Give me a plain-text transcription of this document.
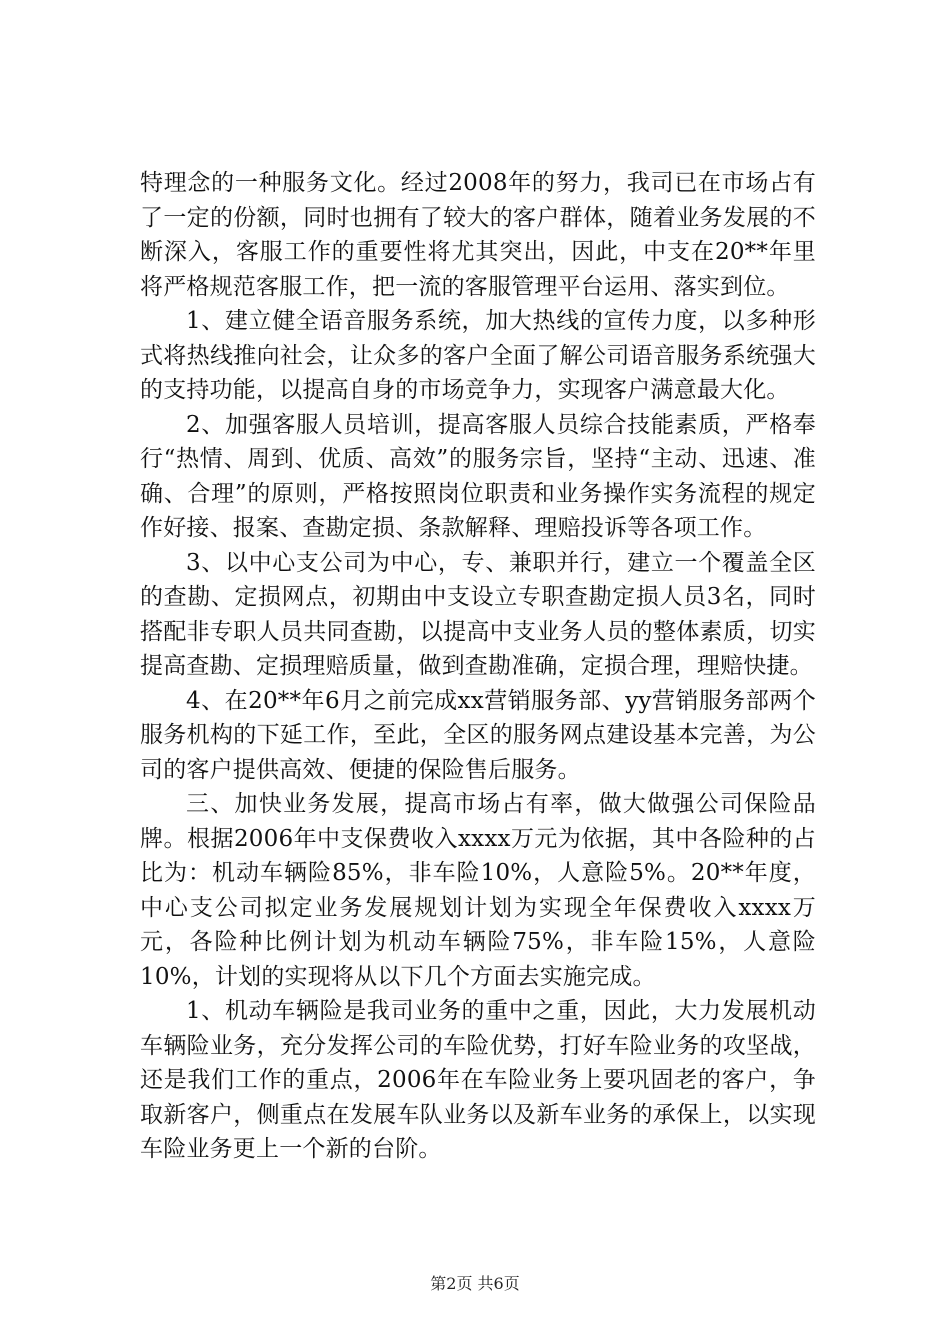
特理念的一种服务文化。经过2008年的努力，我司已在市场占有了一定的份额，同时也拥有了较大的客户群体，随着业务发展的不断深入，客服工作的重要性将尤其突出，因此，中支在20**年里将严格规范客服工作，把一流的客服管理平台运用、落实到位。

1、建立健全语音服务系统，加大热线的宣传力度，以多种形式将热线推向社会，让众多的客户全面了解公司语音服务系统强大的支持功能，以提高自身的市场竞争力，实现客户满意最大化。

2、加强客服人员培训，提高客服人员综合技能素质，严格奉行“热情、周到、优质、高效”的服务宗旨，坚持“主动、迅速、准确、合理”的原则，严格按照岗位职责和业务操作实务流程的规定作好接、报案、查勘定损、条款解释、理赔投诉等各项工作。

3、以中心支公司为中心，专、兼职并行，建立一个覆盖全区的查勘、定损网点，初期由中支设立专职查勘定损人员3名，同时搭配非专职人员共同查勘，以提高中支业务人员的整体素质，切实提高查勘、定损理赔质量，做到查勘准确，定损合理，理赔快捷。

4、在20**年6月之前完成xx营销服务部、yy营销服务部两个服务机构的下延工作，至此，全区的服务网点建设基本完善，为公司的客户提供高效、便捷的保险售后服务。

三、加快业务发展，提高市场占有率，做大做强公司保险品牌。根据2006年中支保费收入xxxx万元为依据，其中各险种的占比为：机动车辆险85%，非车险10%，人意险5%。20**年度，中心支公司拟定业务发展规划计划为实现全年保费收入xxxx万元，各险种比例计划为机动车辆险75%，非车险15%，人意险10%，计划的实现将从以下几个方面去实施完成。

1、机动车辆险是我司业务的重中之重，因此，大力发展机动车辆险业务，充分发挥公司的车险优势，打好车险业务的攻坚战，还是我们工作的重点，2006年在车险业务上要巩固老的客户，争取新客户，侧重点在发展车队业务以及新车业务的承保上，以实现车险业务更上一个新的台阶。

第2页 共6页
